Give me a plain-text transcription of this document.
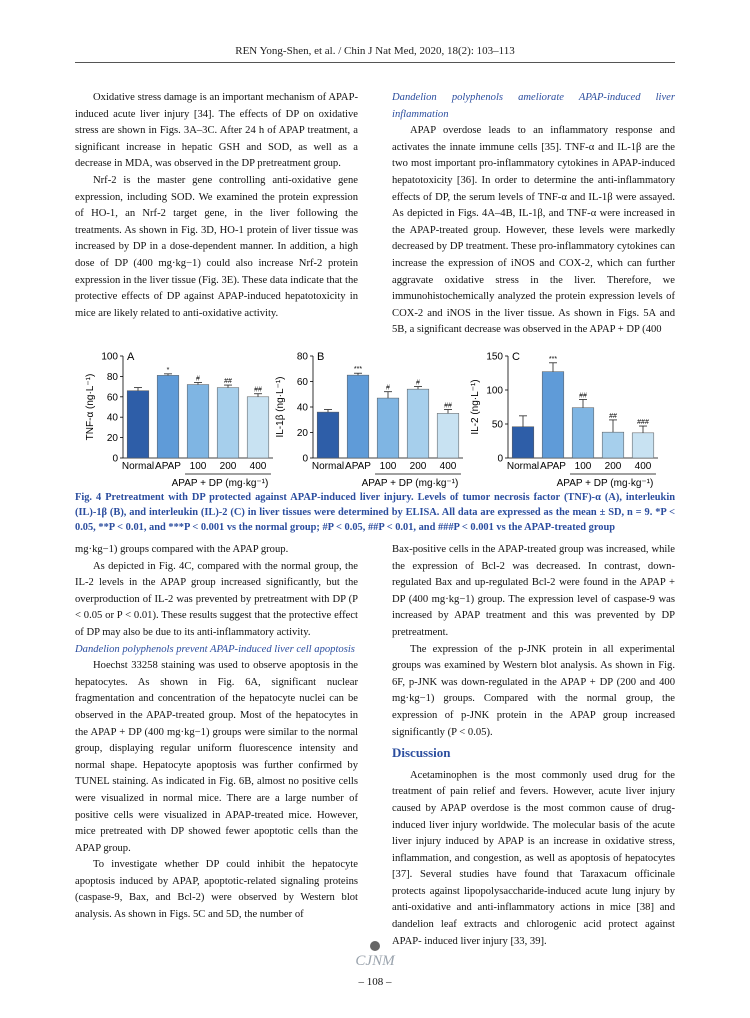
REN Yong-Shen, et al. / Chin J Nat Med, 2020, 18(2): 103–113

Oxidative stress damage is an important mechanism of APAP-induced acute liver injury [34]. The effects of DP on oxidative stress are shown in Figs. 3A–3C. After 24 h of APAP treatment, a significant increase in hepatic GSH and SOD, as well as a decrease in MDA, was observed in the DP pretreatment group.

Nrf-2 is the master gene controlling anti-oxidative gene expression, including SOD. We examined the protein expression of HO-1, an Nrf-2 target gene, in the liver following the treatments. As shown in Fig. 3D, HO-1 protein of liver tissue was increased by DP in a dose-dependent manner. In addition, a high dose of DP (400 mg·kg−1) could also increase Nrf-2 protein expression in the liver tissue (Fig. 3E). These data indicate that the protective effects of DP against APAP-induced hepatotoxicity in mice are likely related to anti-oxidative activity.

Dandelion polyphenols ameliorate APAP-induced liver inflammation

APAP overdose leads to an inflammatory response and activates the innate immune cells [35]. TNF-α and IL-1β are the two most important pro-inflammatory cytokines in APAP-induced hepatotoxicity [36]. In order to determine the anti-inflammatory effects of DP, the serum levels of TNF-α and IL-1β were assayed. As depicted in Figs. 4A–4B, IL-1β, and TNF-α were increased in the APAP-treated group. However, these levels were markedly decreased by DP treatment. These pro-inflammatory cytokines can increase the expression of iNOS and COX-2, which can further aggravate oxidative stress in the liver. Therefore, we immunohistochemically analyzed the protein expression levels of COX-2 and iNOS in the liver tissue. As shown in Figs. 5A and 5B, a significant decrease was observed in the APAP + DP (400

0
20
40
60
80
100 A
TNF-α (ng·L⁻¹)
Normal
*
APAP
#
100
##
200
##
400
APAP + DP (mg·kg⁻¹)
0
20
40
60
80 B
IL-1β (ng·L⁻¹)
Normal
***
APAP
#
100
#
200
##
400
APAP + DP (mg·kg⁻¹)
0
50
100
150 C
IL-2 (ng·L⁻¹)
Normal
***
APAP
##
100
##
200
###
400
APAP + DP (mg·kg⁻¹)
Fig. 4 Pretreatment with DP protected against APAP-induced liver injury. Levels of tumor necrosis factor (TNF)-α (A), interleukin (IL)-1β (B), and interleukin (IL)-2 (C) in liver tissues were determined by ELISA. All data are expressed as the mean ± SD, n = 9. *P < 0.05, **P < 0.01, and ***P < 0.001 vs the normal group; #P < 0.05, ##P < 0.01, and ###P < 0.001 vs the APAP-treated group

mg·kg−1) groups compared with the APAP group.

As depicted in Fig. 4C, compared with the normal group, the IL-2 levels in the APAP group increased significantly, but the overproduction of IL-2 was prevented by pretreatment with DP (P < 0.05 or P < 0.01). These results suggest that the protective effect of DP may also be due to its anti-inflammatory activity.

Dandelion polyphenols prevent APAP-induced liver cell apoptosis

Hoechst 33258 staining was used to observe apoptosis in the hepatocytes. As shown in Fig. 6A, significant nuclear fragmentation and concentration of the hepatocyte nuclei can be observed in the APAP-treated group. Most of the hepatocytes in the APAP + DP (400 mg·kg−1) groups were similar to the normal group, displaying regular uniform fluorescence intensity and normal shape. Hepatocyte apoptosis was further confirmed by TUNEL staining. As indicated in Fig. 6B, almost no positive cells were visualized in normal mice. There are a large number of positive cells were visualized in APAP-treated mice. However, mice pretreated with DP showed fewer apoptotic cells than the APAP group.

To investigate whether DP could inhibit the hepatocyte apoptosis induced by APAP, apoptotic-related signaling proteins (caspase-9, Bax, and Bcl-2) were observed by Western blot analysis. As shown in Figs. 5C and 5D, the number of

Bax-positive cells in the APAP-treated group was increased, while the expression of Bcl-2 was decreased. In contrast, down-regulated Bax and up-regulated Bcl-2 were found in the APAP + DP (400 mg·kg−1) group. The expression level of caspase-9 was increased by APAP treatment and this was prevented by DP pretreatment.

The expression of the p-JNK protein in all experimental groups was examined by Western blot analysis. As shown in Fig. 6F, p-JNK was down-regulated in the APAP + DP (200 and 400 mg·kg−1) groups. Compared with the normal group, the expression of p-JNK protein in the APAP group increased significantly (P < 0.05).

Discussion

Acetaminophen is the most commonly used drug for the treatment of pain relief and fevers. However, acute liver injury caused by APAP overdose is the most common cause of drug-induced liver injury worldwide. The molecular basis of the acute liver injury induced by APAP is an increase in oxidative stress, inflammation, and congestion, as well as apoptosis of hepatocytes [37]. Several studies have found that Taraxacum officinale protects against lipopolysaccharide-induced acute lung injury by anti-oxidative and anti-inflammatory actions in mice [38] and dandelion leaf extracts and chlorogenic acid protect against APAP- induced liver injury [33, 39].

CJNM
– 108 –
